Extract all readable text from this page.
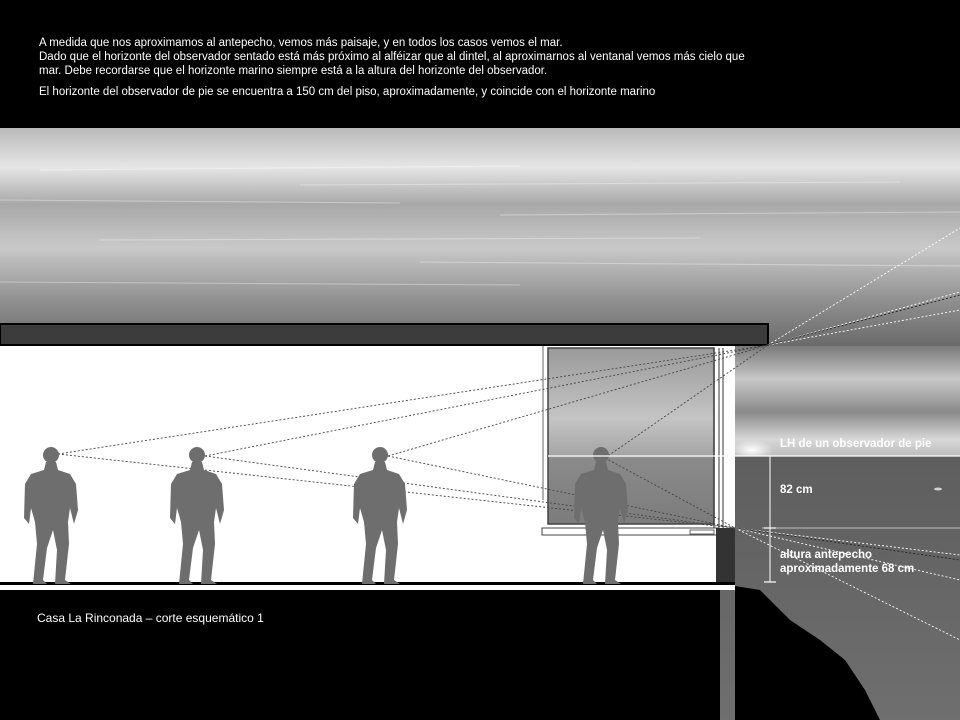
A medida que nos aproximamos al antepecho, vemos más paisaje, y en todos los casos vemos el mar.

Dado que el horizonte del observador sentado está más próximo al alféizar que al dintel, al aproximarnos al ventanal vemos más cielo que

mar. Debe recordarse que el horizonte marino siempre está a la altura del horizonte del observador.

El horizonte del observador de pie se encuentra a 150 cm del piso, aproximadamente, y coincide con el horizonte marino

LH de un observador de pie
82 cm
altura antepecho
aproximadamente 68 cm
Casa La Rinconada – corte esquemático 1
